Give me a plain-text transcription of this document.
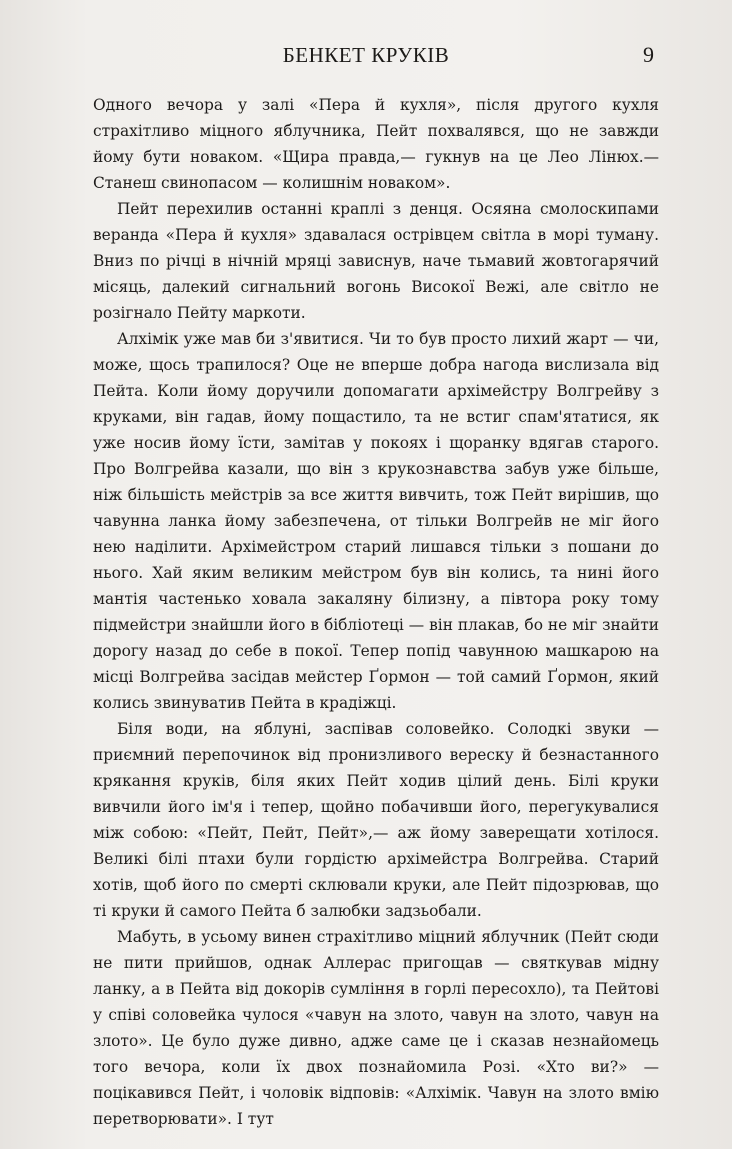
БЕНКЕТ КРУКІВ	9

Одного вечора у залі «Пера й кухля», після другого кухля страхітливо міцного яблучника, Пейт похвалявся, що не завжди йому бути новаком. «Щира правда,— гукнув на це Лео Лінюх.— Станеш свинопасом — колишнім новаком».

Пейт перехилив останні краплі з денця. Осяяна смолоскипами веранда «Пера й кухля» здавалася острівцем світла в морі туману. Вниз по річці в нічній мряці зависнув, наче тьмавий жовтогарячий місяць, далекий сигнальний вогонь Високої Вежі, але світло не розігнало Пейту маркоти.

Алхімік уже мав би з'явитися. Чи то був просто лихий жарт — чи, може, щось трапилося? Оце не вперше добра нагода вислизала від Пейта. Коли йому доручили допомагати архімейстру Волгрейву з круками, він гадав, йому пощастило, та не встиг спам'ятатися, як уже носив йому їсти, замітав у покоях і щоранку вдягав старого. Про Волгрейва казали, що він з крукознавства забув уже більше, ніж більшість мейстрів за все життя вивчить, тож Пейт вирішив, що чавунна ланка йому забезпечена, от тільки Волгрейв не міг його нею наділити. Архімейстром старий лишався тільки з пошани до нього. Хай яким великим мейстром був він колись, та нині його мантія частенько ховала закаляну білизну, а півтора року тому підмейстри знайшли його в бібліотеці — він плакав, бо не міг знайти дорогу назад до себе в покої. Тепер попід чавунною машкарою на місці Волгрейва засідав мейстер Ґормон — той самий Ґормон, який колись звинуватив Пейта в крадіжці.

Біля води, на яблуні, заспівав соловейко. Солодкі звуки — приємний перепочинок від пронизливого вереску й безнастанного крякання круків, біля яких Пейт ходив цілий день. Білі круки вивчили його ім'я і тепер, щойно побачивши його, перегукувалися між собою: «Пейт, Пейт, Пейт»,— аж йому заверещати хотілося. Великі білі птахи були гордістю архімейстра Волгрейва. Старий хотів, щоб його по смерті склювали круки, але Пейт підозрював, що ті круки й самого Пейта б залюбки задзьобали.

Мабуть, в усьому винен страхітливо міцний яблучник (Пейт сюди не пити прийшов, однак Аллерас пригощав — святкував мідну ланку, а в Пейта від докорів сумління в горлі пересохло), та Пейтові у співі соловейка чулося «чавун на злото, чавун на злото, чавун на злото». Це було дуже дивно, адже саме це і сказав незнайомець того вечора, коли їх двох познайомила Розі. «Хто ви?» — поцікавився Пейт, і чоловік відповів: «Алхімік. Чавун на злото вмію перетворювати». І тут
